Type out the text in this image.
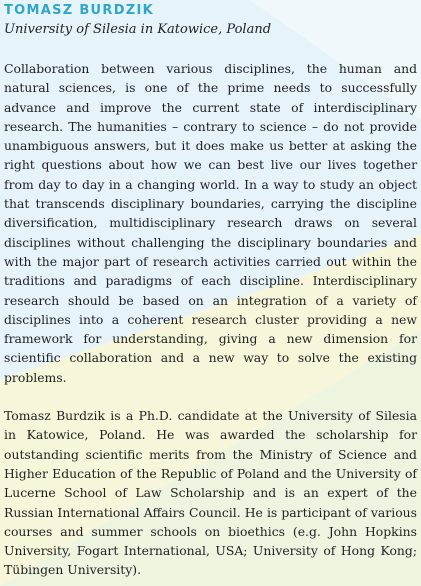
TOMASZ BURDZIK

University of Silesia in Katowice, Poland

Collaboration between various disciplines, the human and natural sciences, is one of the prime needs to successfully advance and improve the current state of interdisciplinary research. The humanities – contrary to science – do not provide unambiguous answers, but it does make us better at asking the right questions about how we can best live our lives together from day to day in a changing world. In a way to study an object that transcends disciplinary boundaries, carrying the discipline diversification, multidisciplinary research draws on several disciplines without challenging the disciplinary boundaries and with the major part of research activities carried out within the traditions and paradigms of each discipline. Interdisciplinary research should be based on an integration of a variety of disciplines into a coherent research cluster providing a new framework for understanding, giving a new dimension for scientific collaboration and a new way to solve the existing problems.

Tomasz Burdzik is a Ph.D. candidate at the University of Silesia in Katowice, Poland. He was awarded the scholarship for outstanding scientific merits from the Ministry of Science and Higher Education of the Republic of Poland and the University of Lucerne School of Law Scholarship and is an expert of the Russian International Affairs Council. He is participant of various courses and summer schools on bioethics (e.g. John Hopkins University, Fogart International, USA; University of Hong Kong; Tübingen University).
